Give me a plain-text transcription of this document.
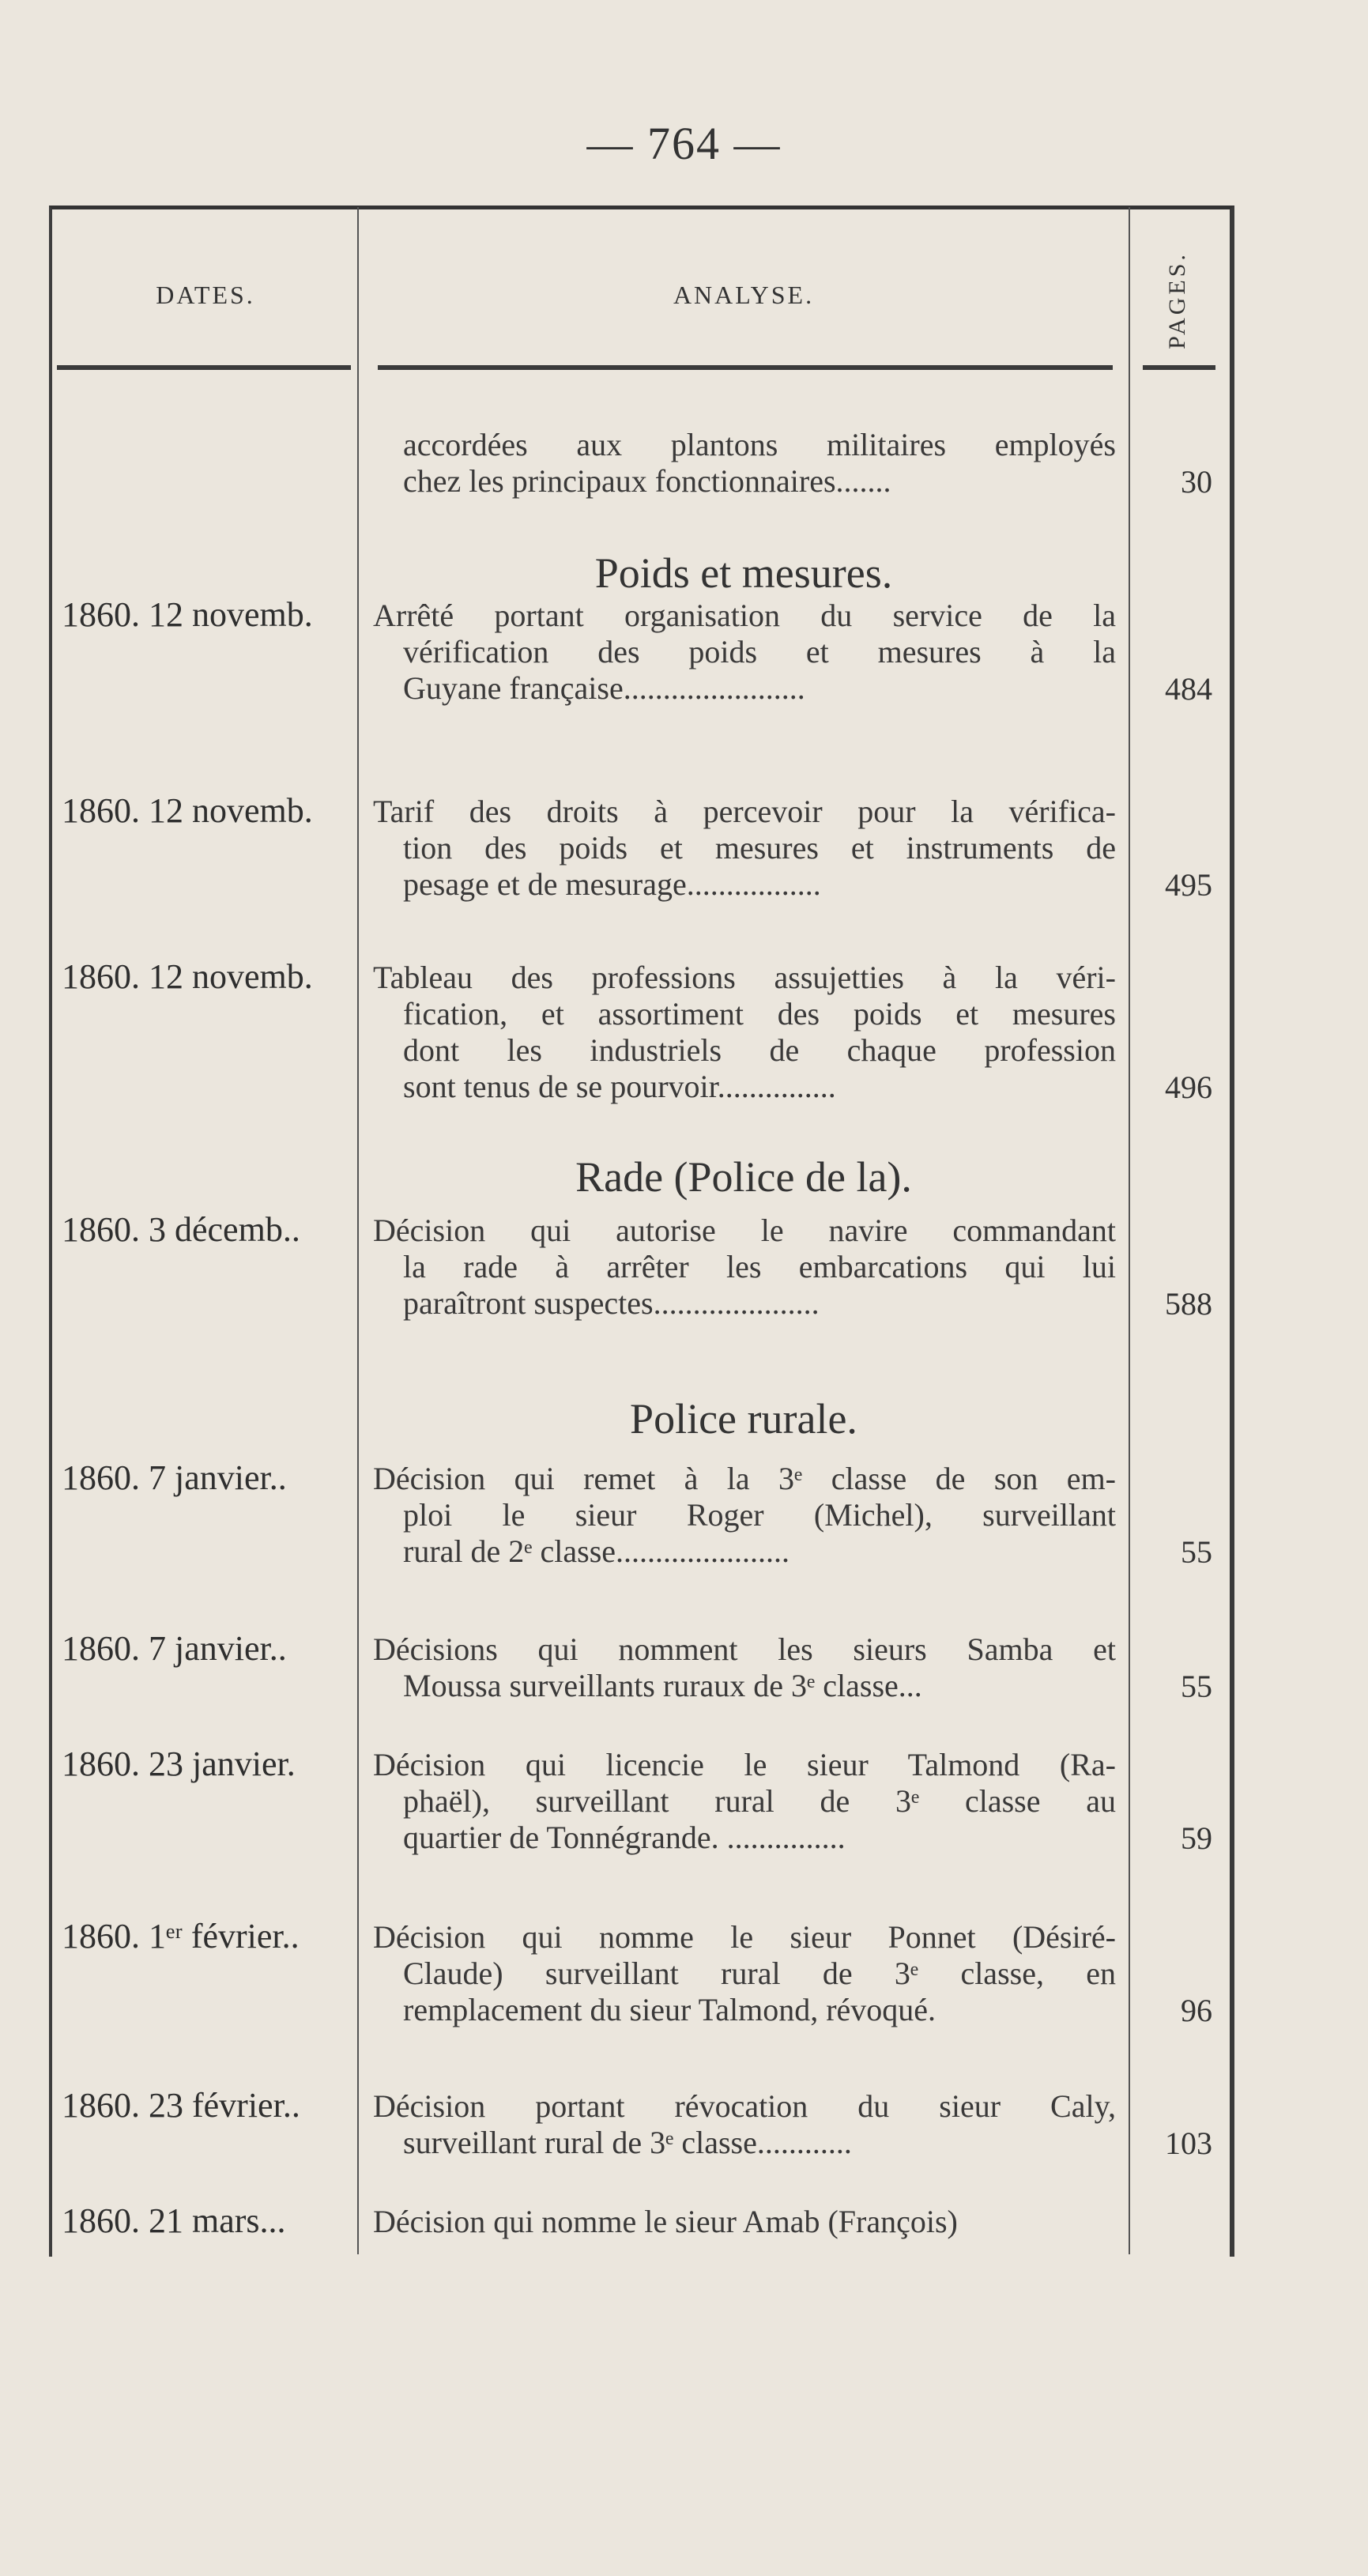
— 764 —
DATES.	ANALYSE.	PAGES.
accordées aux plantons militaires employés
chez les principaux fonctionnaires.......	30
Poids et mesures.
1860. 12 novemb.	Arrêté portant organisation du service de la
vérification des poids et mesures à la
Guyane française.......................	484
1860. 12 novemb.	Tarif des droits à percevoir pour la vérifica-
tion des poids et mesures et instruments de
pesage et de mesurage.................	495
1860. 12 novemb.	Tableau des professions assujetties à la véri-
fication, et assortiment des poids et mesures
dont les industriels de chaque profession
sont tenus de se pourvoir...............	496
Rade (Police de la).
1860. 3 décemb..	Décision qui autorise le navire commandant
la rade à arrêter les embarcations qui lui
paraîtront suspectes.....................	588
Police rurale.
1860. 7 janvier..	Décision qui remet à la 3ᵉ classe de son em-
ploi le sieur Roger (Michel), surveillant
rural de 2ᵉ classe......................	55
1860. 7 janvier..	Décisions qui nomment les sieurs Samba et
Moussa surveillants ruraux de 3ᵉ classe...	55
1860. 23 janvier.	Décision qui licencie le sieur Talmond (Ra-
phaël), surveillant rural de 3ᵉ classe au
quartier de Tonnégrande. ...............	59
1860. 1ᵉʳ février..	Décision qui nomme le sieur Ponnet (Désiré-
Claude) surveillant rural de 3ᵉ classe, en
remplacement du sieur Talmond, révoqué.	96
1860. 23 février..	Décision portant révocation du sieur Caly,
surveillant rural de 3ᵉ classe............	103
1860. 21 mars...	Décision qui nomme le sieur Amab (François)
